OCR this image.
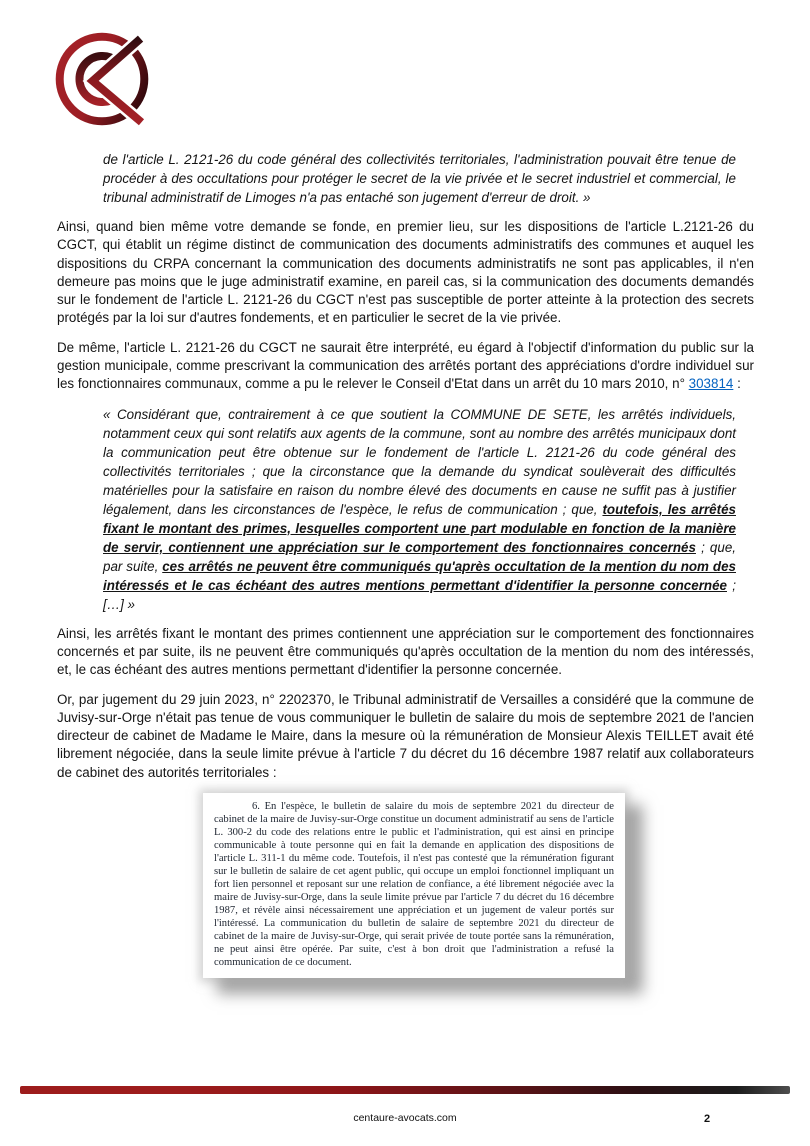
de l'article L. 2121-26 du code général des collectivités territoriales, l'administration pouvait être tenue de procéder à des occultations pour protéger le secret de la vie privée et le secret industriel et commercial, le tribunal administratif de Limoges n'a pas entaché son jugement d'erreur de droit. »

Ainsi, quand bien même votre demande se fonde, en premier lieu, sur les dispositions de l'article L.2121-26 du CGCT, qui établit un régime distinct de communication des documents administratifs des communes et auquel les dispositions du CRPA concernant la communication des documents administratifs ne sont pas applicables, il n'en demeure pas moins que le juge administratif examine, en pareil cas, si la communication des documents demandés sur le fondement de l'article L. 2121-26 du CGCT n'est pas susceptible de porter atteinte à la protection des secrets protégés par la loi sur d'autres fondements, et en particulier le secret de la vie privée.

De même, l'article L. 2121-26 du CGCT ne saurait être interprété, eu égard à l'objectif d'information du public sur la gestion municipale, comme prescrivant la communication des arrêtés portant des appréciations d'ordre individuel sur les fonctionnaires communaux, comme a pu le relever le Conseil d'Etat dans un arrêt du 10 mars 2010, n° 303814 :

« Considérant que, contrairement à ce que soutient la COMMUNE DE SETE, les arrêtés individuels, notamment ceux qui sont relatifs aux agents de la commune, sont au nombre des arrêtés municipaux dont la communication peut être obtenue sur le fondement de l'article L. 2121-26 du code général des collectivités territoriales ; que la circonstance que la demande du syndicat soulèverait des difficultés matérielles pour la satisfaire en raison du nombre élevé des documents en cause ne suffit pas à justifier légalement, dans les circonstances de l'espèce, le refus de communication ; que, toutefois, les arrêtés fixant le montant des primes, lesquelles comportent une part modulable en fonction de la manière de servir, contiennent une appréciation sur le comportement des fonctionnaires concernés ; que, par suite, ces arrêtés ne peuvent être communiqués qu'après occultation de la mention du nom des intéressés et le cas échéant des autres mentions permettant d'identifier la personne concernée ; […] »

Ainsi, les arrêtés fixant le montant des primes contiennent une appréciation sur le comportement des fonctionnaires concernés et par suite, ils ne peuvent être communiqués qu'après occultation de la mention du nom des intéressés, et, le cas échéant des autres mentions permettant d'identifier la personne concernée.

Or, par jugement du 29 juin 2023, n° 2202370, le Tribunal administratif de Versailles a considéré que la commune de Juvisy-sur-Orge n'était pas tenue de vous communiquer le bulletin de salaire du mois de septembre 2021 de l'ancien directeur de cabinet de Madame le Maire, dans la mesure où la rémunération de Monsieur Alexis TEILLET avait été librement négociée, dans la seule limite prévue à l'article 7 du décret du 16 décembre 1987 relatif aux collaborateurs de cabinet des autorités territoriales :

6. En l'espèce, le bulletin de salaire du mois de septembre 2021 du directeur de cabinet de la maire de Juvisy-sur-Orge constitue un document administratif au sens de l'article L. 300-2 du code des relations entre le public et l'administration, qui est ainsi en principe communicable à toute personne qui en fait la demande en application des dispositions de l'article L. 311-1 du même code. Toutefois, il n'est pas contesté que la rémunération figurant sur le bulletin de salaire de cet agent public, qui occupe un emploi fonctionnel impliquant un fort lien personnel et reposant sur une relation de confiance, a été librement négociée avec la maire de Juvisy-sur-Orge, dans la seule limite prévue par l'article 7 du décret du 16 décembre 1987, et révèle ainsi nécessairement une appréciation et un jugement de valeur portés sur l'intéressé. La communication du bulletin de salaire de septembre 2021 du directeur de cabinet de la maire de Juvisy-sur-Orge, qui serait privée de toute portée sans la rémunération, ne peut ainsi être opérée. Par suite, c'est à bon droit que l'administration a refusé la communication de ce document.

centaure-avocats.com	2
